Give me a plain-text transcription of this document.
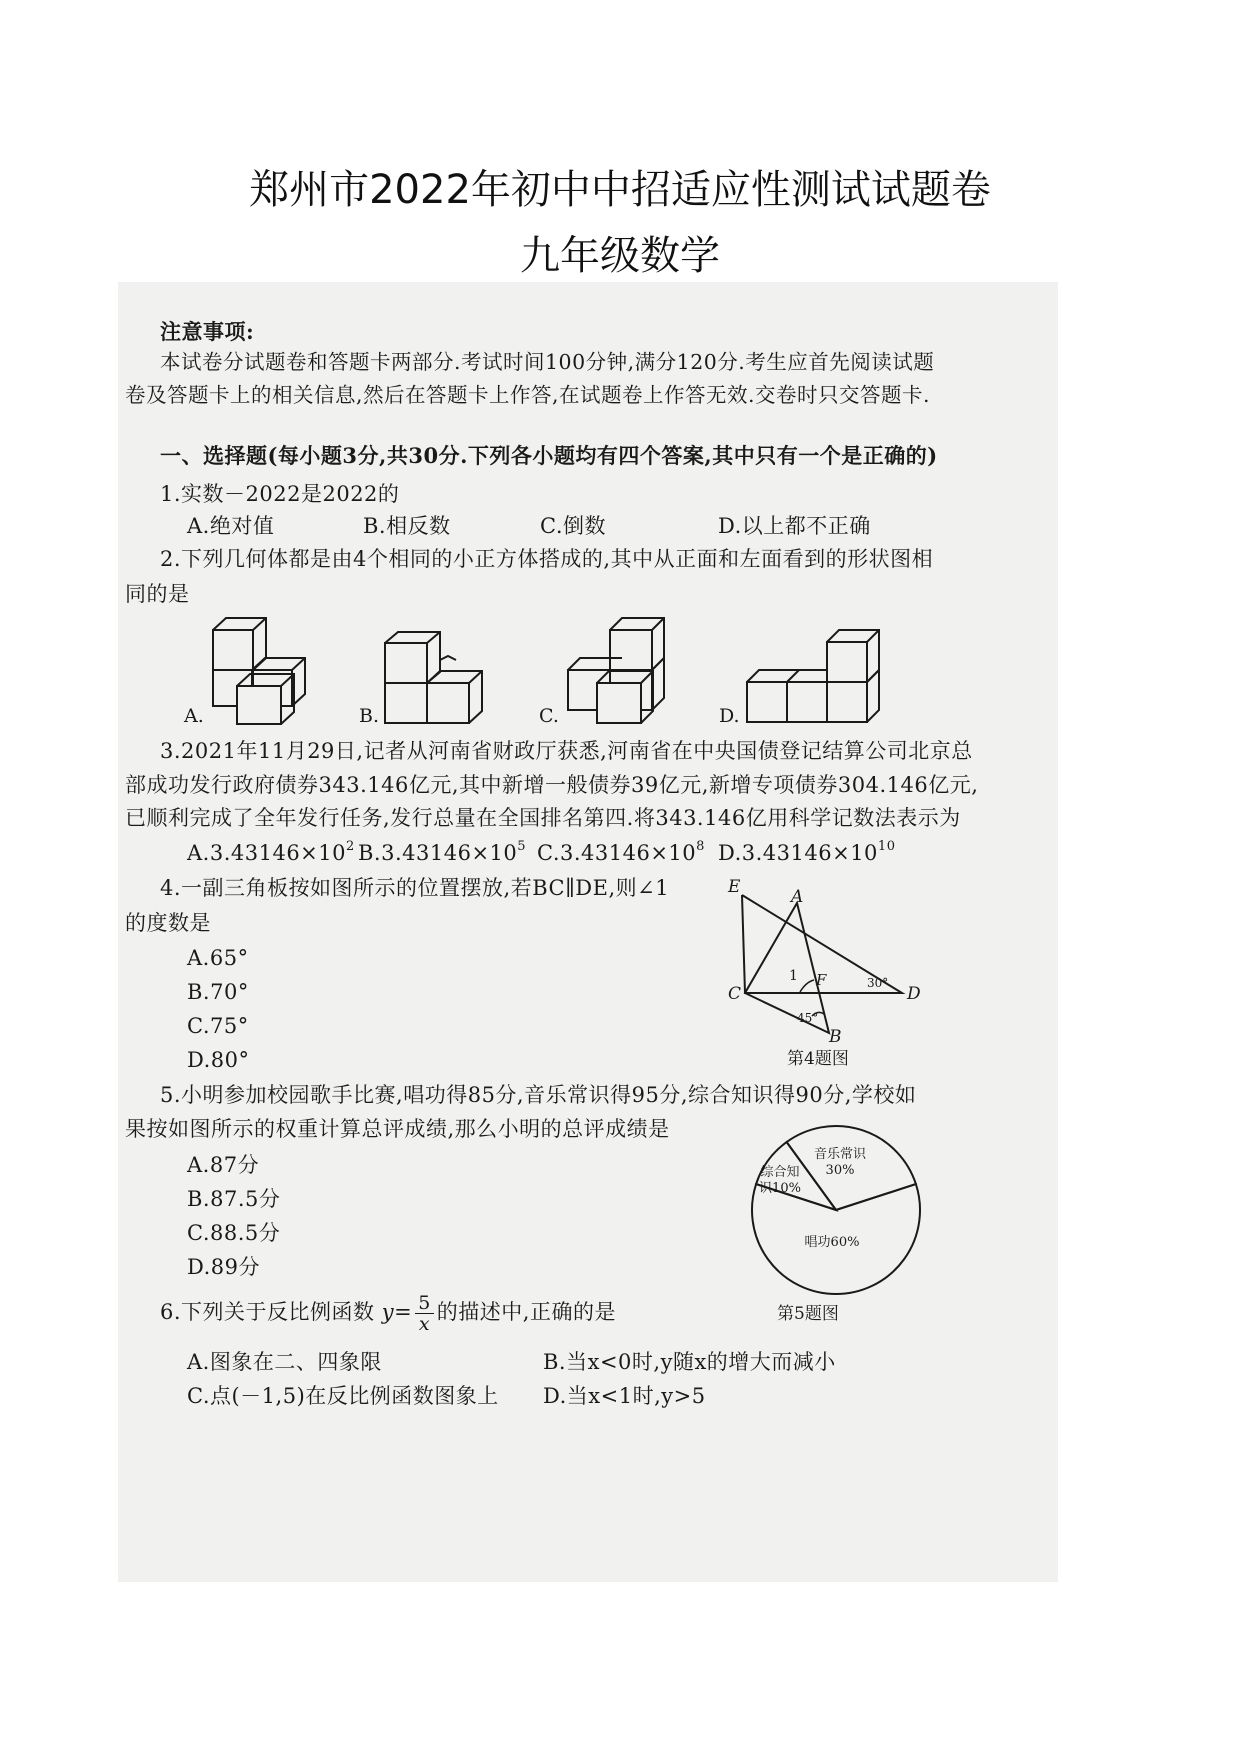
郑州市2022年初中中招适应性测试试题卷
九年级数学
注意事项:
本试卷分试题卷和答题卡两部分.考试时间100分钟,满分120分.考生应首先阅读试题
卷及答题卡上的相关信息,然后在答题卡上作答,在试题卷上作答无效.交卷时只交答题卡.
一、选择题(每小题3分,共30分.下列各小题均有四个答案,其中只有一个是正确的)
1.实数－2022是2022的
A.绝对值	B.相反数	C.倒数	D.以上都不正确
2.下列几何体都是由4个相同的小正方体搭成的,其中从正面和左面看到的形状图相
同的是
A.	B.	C.	D.
3.2021年11月29日,记者从河南省财政厅获悉,河南省在中央国债登记结算公司北京总
部成功发行政府债券343.146亿元,其中新增一般债券39亿元,新增专项债券304.146亿元,
已顺利完成了全年发行任务,发行总量在全国排名第四.将343.146亿用科学记数法表示为
$A.3.43146\times 10^2$ $B.3.43146\times 10^5$ $C.3.43146\times 10^8$ $D.3.43146\times 10^{10}$
4.一副三角板按如图所示的位置摆放,若BC∥DE,则∠1
的度数是
A.65°
B.70°
C.75°
D.80°
E	A
C
F
D
B
1	30°
45°
第4题图
5.小明参加校园歌手比赛,唱功得85分,音乐常识得95分,综合知识得90分,学校如
果按如图所示的权重计算总评成绩,那么小明的总评成绩是
A.87分
B.87.5分
C.88.5分
D.89分
唱功60%
音乐常识
30%
综合知
识10%
第5题图
6.下列关于反比例函数 $y= \frac{5}{x}$ 的描述中,正确的是
A.图象在二、四象限	B.当x<0时,y随x的增大而减小
C.点(－1,5)在反比例函数图象上 D.当x<1时,y>5
